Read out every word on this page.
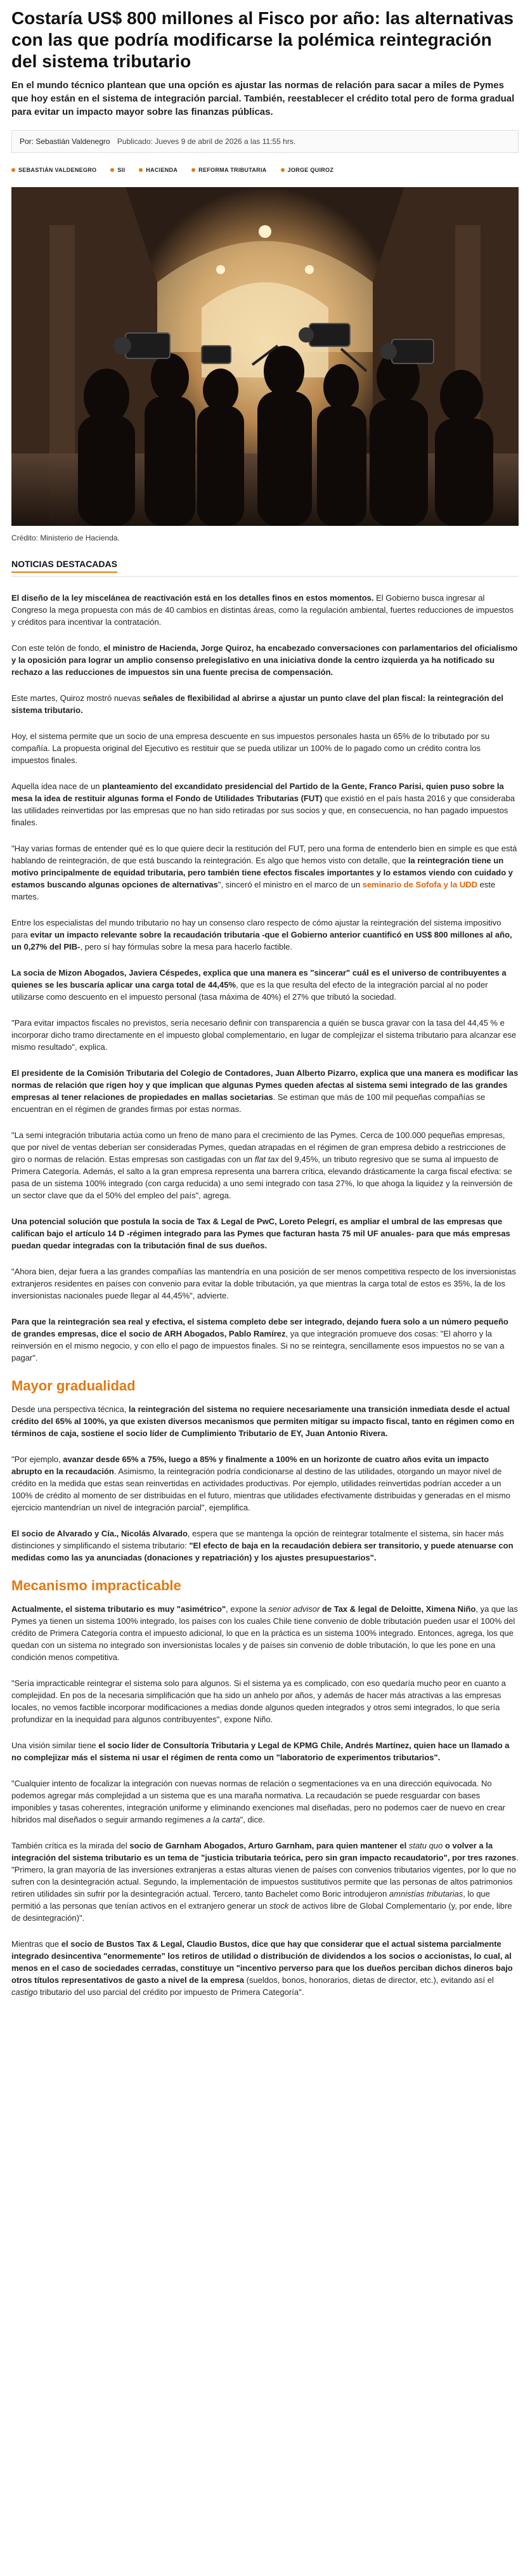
Costaría US$ 800 millones al Fisco por año: las alternativas con las que podría modificarse la polémica reintegración del sistema tributario

En el mundo técnico plantean que una opción es ajustar las normas de relación para sacar a miles de Pymes que hoy están en el sistema de integración parcial. También, reestablecer el crédito total pero de forma gradual para evitar un impacto mayor sobre las finanzas públicas.

Por: Sebastián Valdenegro Publicado: Jueves 9 de abril de 2026 a las 11:55 hrs.
SEBASTIÁN VALDENEGRO	SII	HACIENDA	REFORMA TRIBUTARIA	JORGE QUIROZ
Crédito: Ministerio de Hacienda.
NOTICIAS DESTACADAS

El diseño de la ley miscelánea de reactivación está en los detalles finos en estos momentos. El Gobierno busca ingresar al Congreso la mega propuesta con más de 40 cambios en distintas áreas, como la regulación ambiental, fuertes reducciones de impuestos y créditos para incentivar la contratación.

Con este telón de fondo, el ministro de Hacienda, Jorge Quiroz, ha encabezado conversaciones con parlamentarios del oficialismo y la oposición para lograr un amplio consenso prelegislativo en una iniciativa donde la centro izquierda ya ha notificado su rechazo a las reducciones de impuestos sin una fuente precisa de compensación.

Este martes, Quiroz mostró nuevas señales de flexibilidad al abrirse a ajustar un punto clave del plan fiscal: la reintegración del sistema tributario.

Hoy, el sistema permite que un socio de una empresa descuente en sus impuestos personales hasta un 65% de lo tributado por su compañía. La propuesta original del Ejecutivo es restituir que se pueda utilizar un 100% de lo pagado como un crédito contra los impuestos finales.

Aquella idea nace de un planteamiento del excandidato presidencial del Partido de la Gente, Franco Parisi, quien puso sobre la mesa la idea de restituir algunas forma el Fondo de Utilidades Tributarias (FUT) que existió en el país hasta 2016 y que consideraba las utilidades reinvertidas por las empresas que no han sido retiradas por sus socios y que, en consecuencia, no han pagado impuestos finales.

"Hay varias formas de entender qué es lo que quiere decir la restitución del FUT, pero una forma de entenderlo bien en simple es que está hablando de reintegración, de que está buscando la reintegración. Es algo que hemos visto con detalle, que la reintegración tiene un motivo principalmente de equidad tributaria, pero también tiene efectos fiscales importantes y lo estamos viendo con cuidado y estamos buscando algunas opciones de alternativas", sinceró el ministro en el marco de un seminario de Sofofa y la UDD este martes.

Entre los especialistas del mundo tributario no hay un consenso claro respecto de cómo ajustar la reintegración del sistema impositivo para evitar un impacto relevante sobre la recaudación tributaria -que el Gobierno anterior cuantificó en US$ 800 millones al año, un 0,27% del PIB-, pero sí hay fórmulas sobre la mesa para hacerlo factible.

La socia de Mizon Abogados, Javiera Céspedes, explica que una manera es "sincerar" cuál es el universo de contribuyentes a quienes se les buscaría aplicar una carga total de 44,45%, que es la que resulta del efecto de la integración parcial al no poder utilizarse como descuento en el impuesto personal (tasa máxima de 40%) el 27% que tributó la sociedad.

"Para evitar impactos fiscales no previstos, sería necesario definir con transparencia a quién se busca gravar con la tasa del 44,45 % e incorporar dicho tramo directamente en el impuesto global complementario, en lugar de complejizar el sistema tributario para alcanzar ese mismo resultado", explica.

El presidente de la Comisión Tributaria del Colegio de Contadores, Juan Alberto Pizarro, explica que una manera es modificar las normas de relación que rigen hoy y que implican que algunas Pymes queden afectas al sistema semi integrado de las grandes empresas al tener relaciones de propiedades en mallas societarias. Se estiman que más de 100 mil pequeñas compañías se encuentran en el régimen de grandes firmas por estas normas.

"La semi integración tributaria actúa como un freno de mano para el crecimiento de las Pymes. Cerca de 100.000 pequeñas empresas, que por nivel de ventas deberían ser consideradas Pymes, quedan atrapadas en el régimen de gran empresa debido a restricciones de giro o normas de relación. Estas empresas son castigadas con un flat tax del 9,45%, un tributo regresivo que se suma al impuesto de Primera Categoría. Además, el salto a la gran empresa representa una barrera crítica, elevando drásticamente la carga fiscal efectiva: se pasa de un sistema 100% integrado (con carga reducida) a uno semi integrado con tasa 27%, lo que ahoga la liquidez y la reinversión de un sector clave que da el 50% del empleo del país", agrega.

Una potencial solución que postula la socia de Tax & Legal de PwC, Loreto Pelegrí, es ampliar el umbral de las empresas que califican bajo el artículo 14 D -régimen integrado para las Pymes que facturan hasta 75 mil UF anuales- para que más empresas puedan quedar integradas con la tributación final de sus dueños.

"Ahora bien, dejar fuera a las grandes compañías las mantendría en una posición de ser menos competitiva respecto de los inversionistas extranjeros residentes en países con convenio para evitar la doble tributación, ya que mientras la carga total de estos es 35%, la de los inversionistas nacionales puede llegar al 44,45%", advierte.

Para que la reintegración sea real y efectiva, el sistema completo debe ser integrado, dejando fuera solo a un número pequeño de grandes empresas, dice el socio de ARH Abogados, Pablo Ramírez, ya que integración promueve dos cosas: "El ahorro y la reinversión en el mismo negocio, y con ello el pago de impuestos finales. Si no se reintegra, sencillamente esos impuestos no se van a pagar".

Mayor gradualidad

Desde una perspectiva técnica, la reintegración del sistema no requiere necesariamente una transición inmediata desde el actual crédito del 65% al 100%, ya que existen diversos mecanismos que permiten mitigar su impacto fiscal, tanto en régimen como en términos de caja, sostiene el socio líder de Cumplimiento Tributario de EY, Juan Antonio Rivera.

"Por ejemplo, avanzar desde 65% a 75%, luego a 85% y finalmente a 100% en un horizonte de cuatro años evita un impacto abrupto en la recaudación. Asimismo, la reintegración podría condicionarse al destino de las utilidades, otorgando un mayor nivel de crédito en la medida que estas sean reinvertidas en actividades productivas. Por ejemplo, utilidades reinvertidas podrían acceder a un 100% de crédito al momento de ser distribuidas en el futuro, mientras que utilidades efectivamente distribuidas y generadas en el mismo ejercicio mantendrían un nivel de integración parcial", ejemplifica.

El socio de Alvarado y Cía., Nicolás Alvarado, espera que se mantenga la opción de reintegrar totalmente el sistema, sin hacer más distinciones y simplificando el sistema tributario: "El efecto de baja en la recaudación debiera ser transitorio, y puede atenuarse con medidas como las ya anunciadas (donaciones y repatriación) y los ajustes presupuestarios".

Mecanismo impracticable

Actualmente, el sistema tributario es muy "asimétrico", expone la senior advisor de Tax & legal de Deloitte, Ximena Niño, ya que las Pymes ya tienen un sistema 100% integrado, los países con los cuales Chile tiene convenio de doble tributación pueden usar el 100% del crédito de Primera Categoría contra el impuesto adicional, lo que en la práctica es un sistema 100% integrado. Entonces, agrega, los que quedan con un sistema no integrado son inversionistas locales y de países sin convenio de doble tributación, lo que les pone en una condición menos competitiva.

"Sería impracticable reintegrar el sistema solo para algunos. Si el sistema ya es complicado, con eso quedaría mucho peor en cuanto a complejidad. En pos de la necesaria simplificación que ha sido un anhelo por años, y además de hacer más atractivas a las empresas locales, no vemos factible incorporar modificaciones a medias donde algunos queden integrados y otros semi integrados, lo que sería profundizar en la inequidad para algunos contribuyentes", expone Niño.

Una visión similar tiene el socio líder de Consultoría Tributaria y Legal de KPMG Chile, Andrés Martínez, quien hace un llamado a no complejizar más el sistema ni usar el régimen de renta como un "laboratorio de experimentos tributarios".

"Cualquier intento de focalizar la integración con nuevas normas de relación o segmentaciones va en una dirección equivocada. No podemos agregar más complejidad a un sistema que es una maraña normativa. La recaudación se puede resguardar con bases imponibles y tasas coherentes, integración uniforme y eliminando exenciones mal diseñadas, pero no podemos caer de nuevo en crear híbridos mal diseñados o seguir armando regímenes a la carta", dice.

También crítica es la mirada del socio de Garnham Abogados, Arturo Garnham, para quien mantener el statu quo o volver a la integración del sistema tributario es un tema de "justicia tributaria teórica, pero sin gran impacto recaudatorio", por tres razones. "Primero, la gran mayoría de las inversiones extranjeras a estas alturas vienen de países con convenios tributarios vigentes, por lo que no sufren con la desintegración actual. Segundo, la implementación de impuestos sustitutivos permite que las personas de altos patrimonios retiren utilidades sin sufrir por la desintegración actual. Tercero, tanto Bachelet como Boric introdujeron amnistías tributarias, lo que permitió a las personas que tenían activos en el extranjero generar un stock de activos libre de Global Complementario (y, por ende, libre de desintegración)".

Mientras que el socio de Bustos Tax & Legal, Claudio Bustos, dice que hay que considerar que el actual sistema parcialmente integrado desincentiva "enormemente" los retiros de utilidad o distribución de dividendos a los socios o accionistas, lo cual, al menos en el caso de sociedades cerradas, constituye un "incentivo perverso para que los dueños perciban dichos dineros bajo otros títulos representativos de gasto a nivel de la empresa (sueldos, bonos, honorarios, dietas de director, etc.), evitando así el castigo tributario del uso parcial del crédito por impuesto de Primera Categoría".
